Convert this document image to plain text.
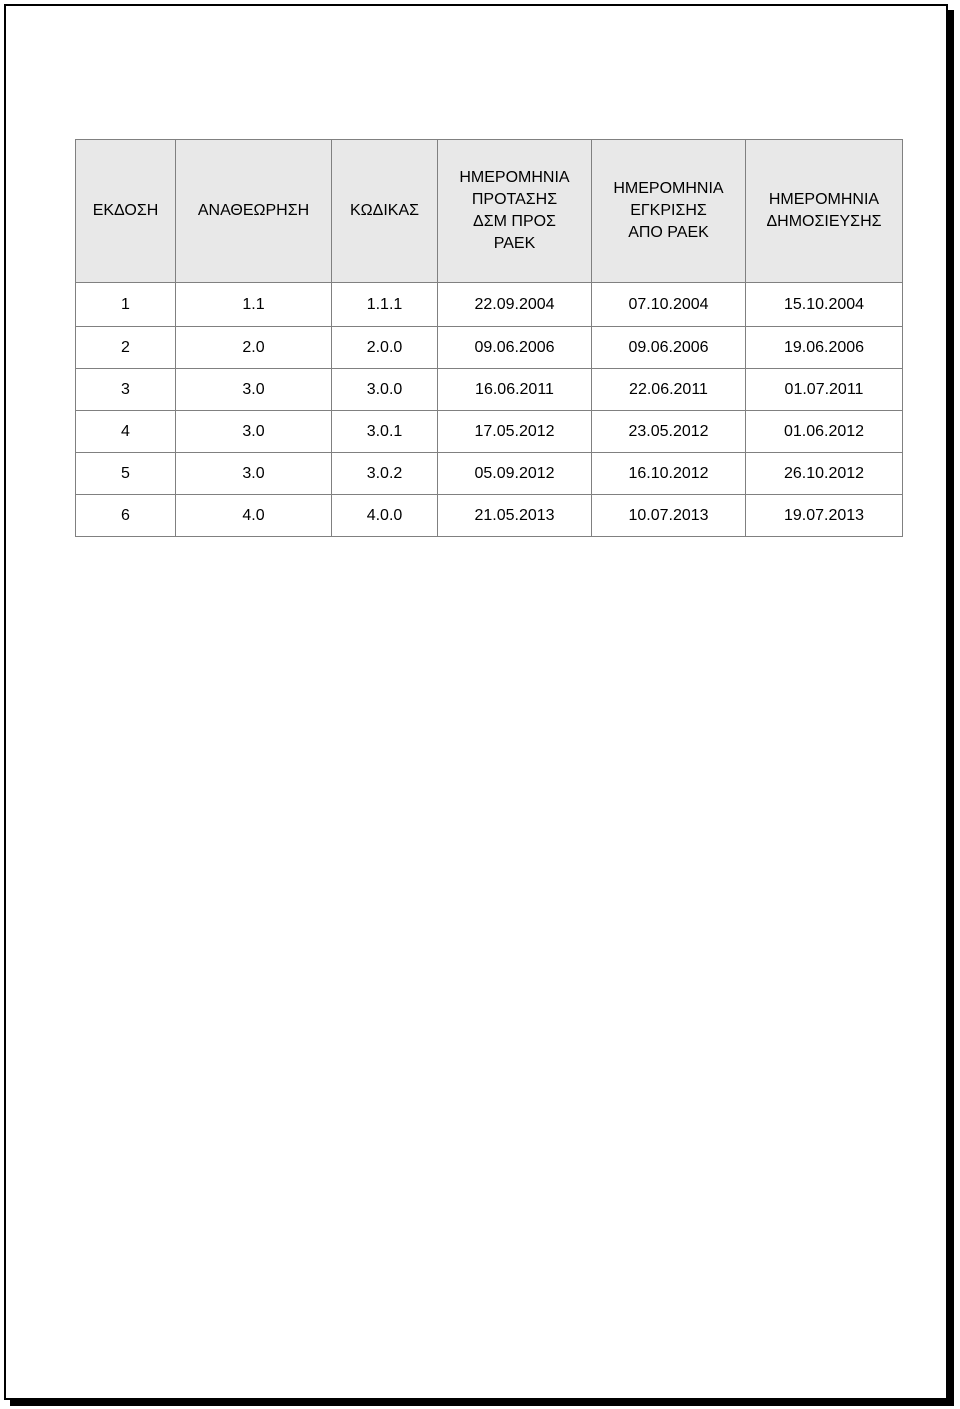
ΕΚΔΟΣΗ	ΑΝΑΘΕΩΡΗΣΗ	ΚΩΔΙΚΑΣ	ΗΜΕΡΟΜΗΝΙΑ
ΠΡΟΤΑΣΗΣ
ΔΣΜ ΠΡΟΣ
ΡΑΕΚ	ΗΜΕΡΟΜΗΝΙΑ
ΕΓΚΡΙΣΗΣ
ΑΠΟ ΡΑΕΚ	ΗΜΕΡΟΜΗΝΙΑ
ΔΗΜΟΣΙΕΥΣΗΣ

1	1.1	1.1.1	22.09.2004	07.10.2004	15.10.2004
2	2.0	2.0.0	09.06.2006	09.06.2006	19.06.2006
3	3.0	3.0.0	16.06.2011	22.06.2011	01.07.2011
4	3.0	3.0.1	17.05.2012	23.05.2012	01.06.2012
5	3.0	3.0.2	05.09.2012	16.10.2012	26.10.2012
6	4.0	4.0.0	21.05.2013	10.07.2013	19.07.2013
